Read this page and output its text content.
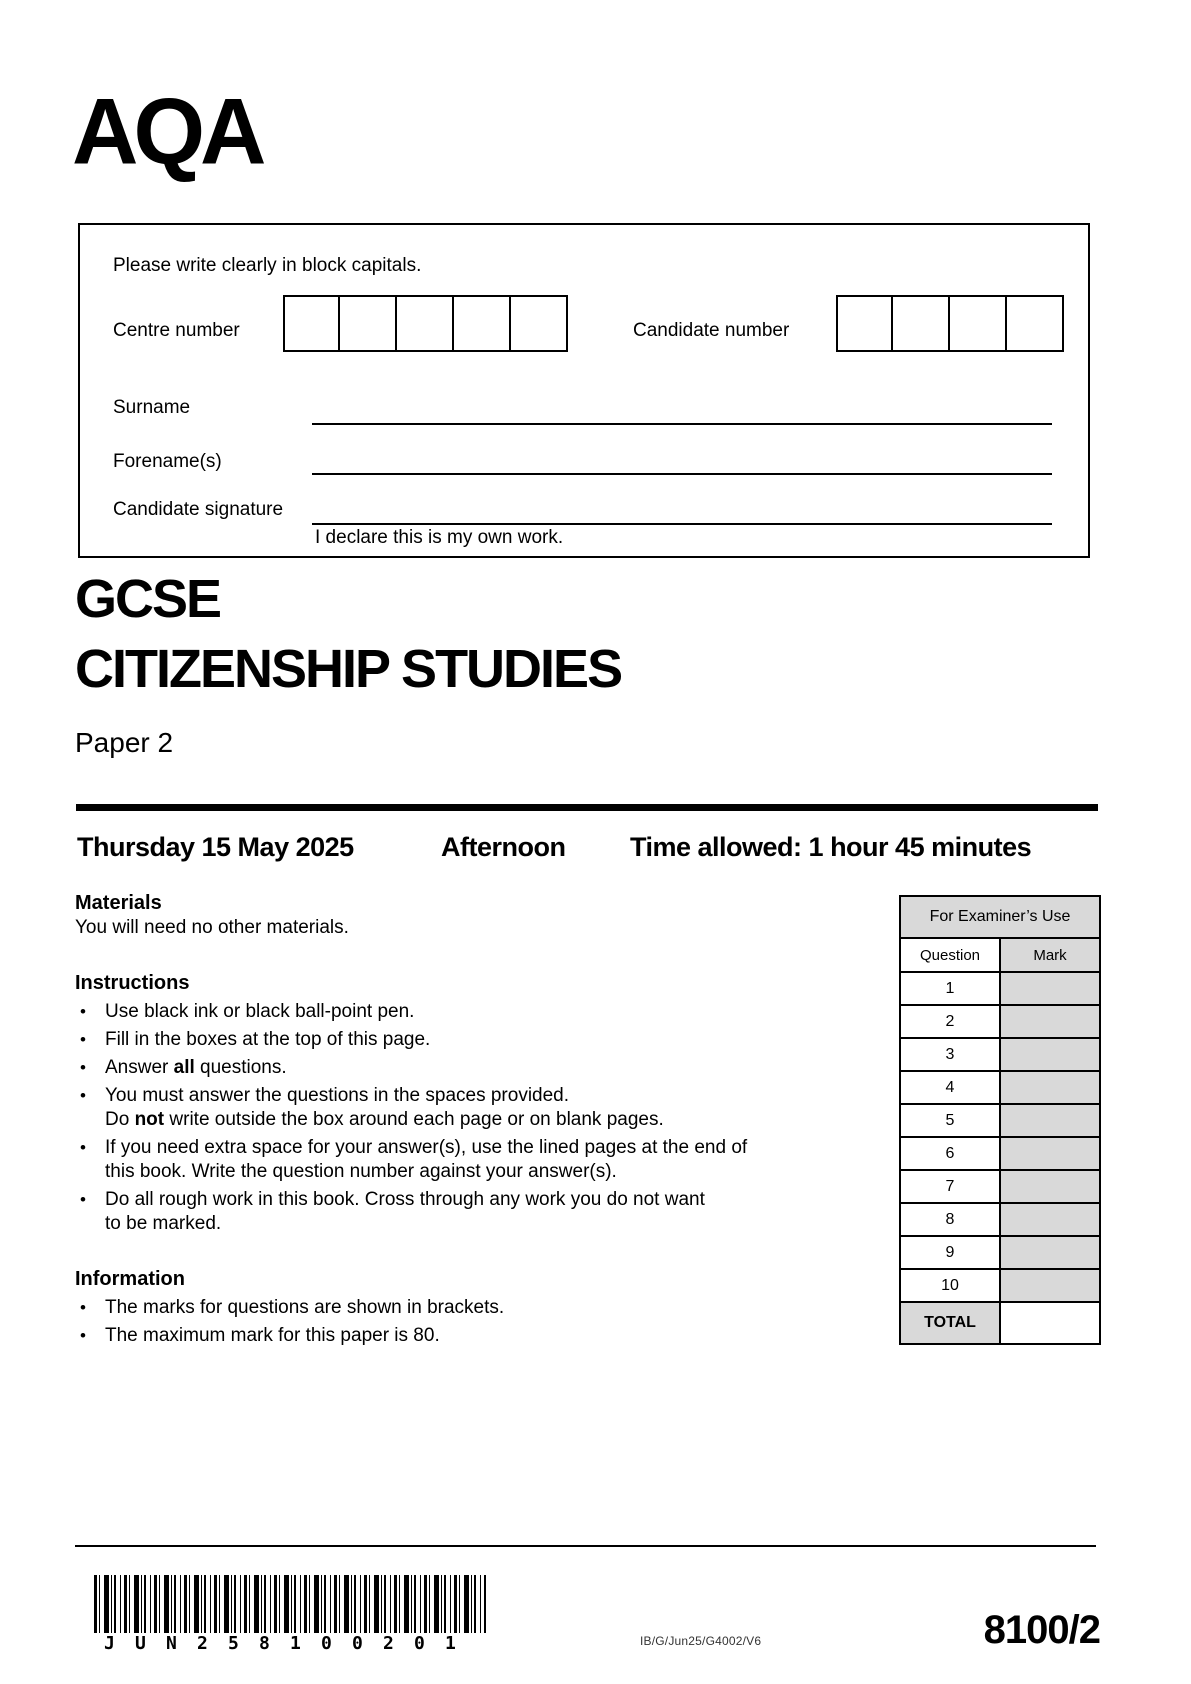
AQA
Please write clearly in block capitals.
Centre number	Candidate number
Surname
Forename(s)
Candidate signature
I declare this is my own work.
GCSE
CITIZENSHIP STUDIES
Paper 2
Thursday 15 May 2025	Afternoon Time allowed: 1 hour 45 minutes
Materials
You will need no other materials.
Instructions
•	Use black ink or black ball-point pen.
•	Fill in the boxes at the top of this page.
•	Answer all questions.
•	You must answer the questions in the spaces provided.
Do not write outside the box around each page or on blank pages.
•	If you need extra space for your answer(s), use the lined pages at the end of
this book. Write the question number against your answer(s).
•	Do all rough work in this book. Cross through any work you do not want
to be marked.
Information
•	The marks for questions are shown in brackets.
•	The maximum mark for this paper is 80.
For Examiner’s Use	
Question	Mark
1	
2	
3	
4	
5	
6	
7	
8	
9	
10	
TOTAL	
J U N 2 5 8 1 0 0 2 0 1	IB/G/Jun25/G4002/V6	8100/2
